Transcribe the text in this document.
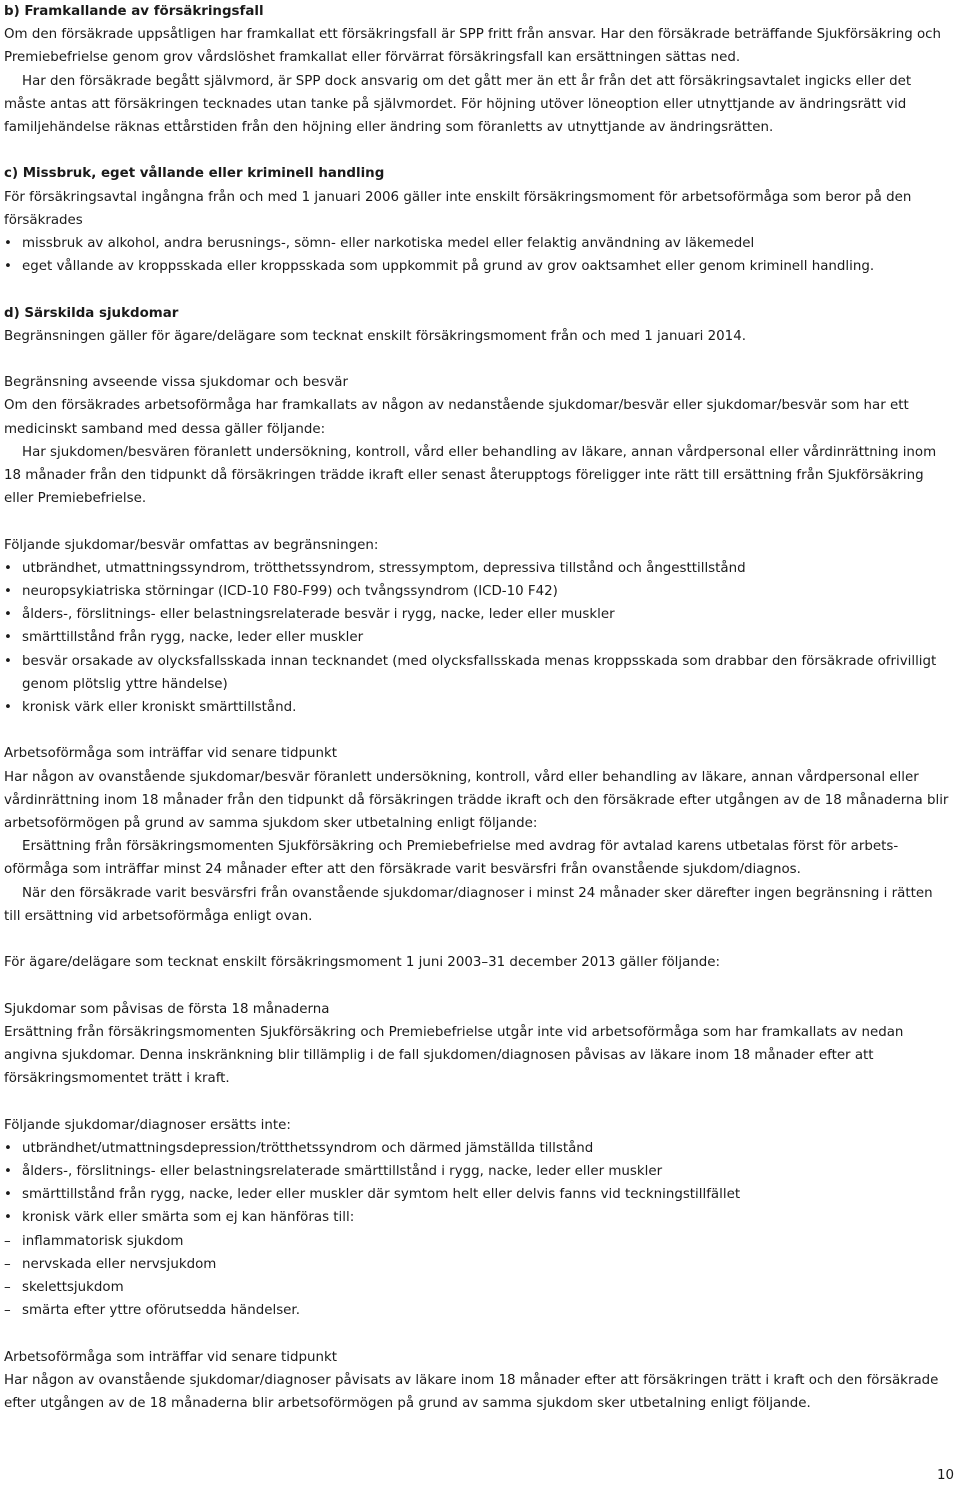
b) Framkallande av försäkringsfall
Om den försäkrade uppsåtligen har framkallat ett försäkringsfall är SPP fritt från ansvar. Har den försäkrade beträffande Sjukförsäkring och Premiebefrielse genom grov vårdslöshet framkallat eller förvärrat försäkringsfall kan ersättningen sättas ned.
Har den försäkrade begått självmord, är SPP dock ansvarig om det gått mer än ett år från det att försäkringsavtalet ingicks eller det måste antas att försäkringen tecknades utan tanke på självmordet. För höjning utöver löneoption eller utnyttjande av ändringsrätt vid familjehändelse räknas ettårstiden från den höjning eller ändring som föranletts av utnyttjande av ändringsrätten.
c) Missbruk, eget vållande eller kriminell handling
För försäkringsavtal ingångna från och med 1 januari 2006 gäller inte enskilt försäkringsmoment för arbetsoförmåga som beror på den försäkrades
• missbruk av alkohol, andra berusnings-, sömn- eller narkotiska medel eller felaktig användning av läkemedel
• eget vållande av kroppsskada eller kroppsskada som uppkommit på grund av grov oaktsamhet eller genom kriminell handling.
d) Särskilda sjukdomar
Begränsningen gäller för ägare/delägare som tecknat enskilt försäkringsmoment från och med 1 januari 2014.
Begränsning avseende vissa sjukdomar och besvär
Om den försäkrades arbetsoförmåga har framkallats av någon av nedanstående sjukdomar/besvär eller sjukdomar/besvär som har ett medicinskt samband med dessa gäller följande:
Har sjukdomen/besvären föranlett undersökning, kontroll, vård eller behandling av läkare, annan vårdpersonal eller vårdinrättning inom 18 månader från den tidpunkt då försäkringen trädde ikraft eller senast återupptogs föreligger inte rätt till ersättning från Sjukförsäkring eller Premiebefrielse.
Följande sjukdomar/besvär omfattas av begränsningen:
• utbrändhet, utmattningssyndrom, trötthetssyndrom, stressymptom, depressiva tillstånd och ångesttillstånd
• neuropsykiatriska störningar (ICD-10 F80-F99) och tvångssyndrom (ICD-10 F42)
• ålders-, förslitnings- eller belastningsrelaterade besvär i rygg, nacke, leder eller muskler
• smärttillstånd från rygg, nacke, leder eller muskler
• besvär orsakade av olycksfallsskada innan tecknandet (med olycksfallsskada menas kroppsskada som drabbar den försäkrade ofrivilligt genom plötslig yttre händelse)
• kronisk värk eller kroniskt smärttillstånd.
Arbetsoförmåga som inträffar vid senare tidpunkt
Har någon av ovanstående sjukdomar/besvär föranlett undersökning, kontroll, vård eller behandling av läkare, annan vårdpersonal eller vårdinrättning inom 18 månader från den tidpunkt då försäkringen trädde ikraft och den försäkrade efter utgången av de 18 månaderna blir arbetsoförmögen på grund av samma sjukdom sker utbetalning enligt följande:
Ersättning från försäkringsmomenten Sjukförsäkring och Premiebefrielse med avdrag för avtalad karens utbetalas först för arbetsoförmåga som inträffar minst 24 månader efter att den försäkrade varit besvärsfri från ovanstående sjukdom/diagnos.
När den försäkrade varit besvärsfri från ovanstående sjukdomar/diagnoser i minst 24 månader sker därefter ingen begränsning i rätten till ersättning vid arbetsoförmåga enligt ovan.
För ägare/delägare som tecknat enskilt försäkringsmoment 1 juni 2003–31 december 2013 gäller följande:
Sjukdomar som påvisas de första 18 månaderna
Ersättning från försäkringsmomenten Sjukförsäkring och Premiebefrielse utgår inte vid arbetsoförmåga som har framkallats av nedan angivna sjukdomar. Denna inskränkning blir tillämplig i de fall sjukdomen/diagnosen påvisas av läkare inom 18 månader efter att försäkringsmomentet trätt i kraft.
Följande sjukdomar/diagnoser ersätts inte:
• utbrändhet/utmattningsdepression/trötthetssyndrom och därmed jämställda tillstånd
• ålders-, förslitnings- eller belastningsrelaterade smärttillstånd i rygg, nacke, leder eller muskler
• smärttillstånd från rygg, nacke, leder eller muskler där symtom helt eller delvis fanns vid teckningstillfället
• kronisk värk eller smärta som ej kan hänföras till:
– inflammatorisk sjukdom
– nervskada eller nervsjukdom
– skelettsjukdom
– smärta efter yttre oförutsedda händelser.
Arbetsoförmåga som inträffar vid senare tidpunkt
Har någon av ovanstående sjukdomar/diagnoser påvisats av läkare inom 18 månader efter att försäkringen trätt i kraft och den försäkrade efter utgången av de 18 månaderna blir arbetsoförmögen på grund av samma sjukdom sker utbetalning enligt följande.
10
